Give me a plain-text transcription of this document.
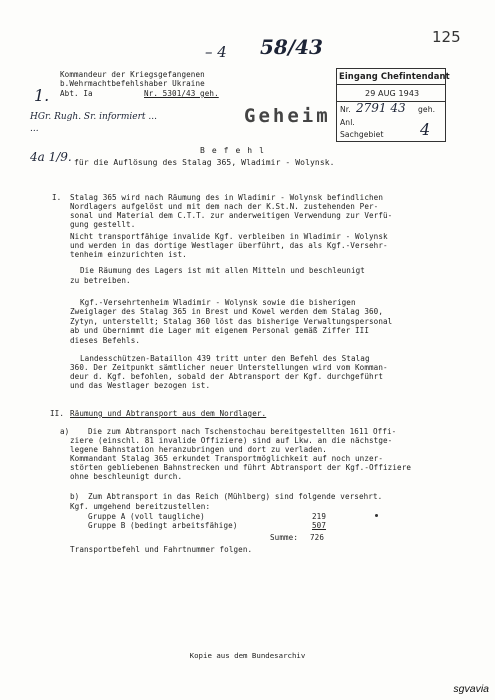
– 4 58/43	125
Kommandeur der Kriegsgefangenen
b.Wehrmachtbefehlshaber Ukraine
Abt. Ia	Nr. 5301/43 geh.
1.
Geheim
Eingang Chefintendant
29 AUG 1943
Nr. 2791 43 geh.
Anl.
Sachgebiet 4
HGr. Rugh. Sr. informiert ...
...
4a 1/9.	Befehl
für die Auflösung des Stalag 365, Wladimir - Wolynsk.
I. Stalag 365 wird nach Räumung des in Wladimir - Wolynsk befindlichen
Nordlagers aufgelöst und mit dem nach der K.St.N. zustehenden Per-
sonal und Material dem C.T.T. zur anderweitigen Verwendung zur Verfü-
gung gestellt.
Nicht transportfähige invalide Kgf. verbleiben in Wladimir - Wolynsk
und werden in das dortige Westlager überführt, das als Kgf.-Versehr-
tenheim einzurichten ist.
Die Räumung des Lagers ist mit allen Mitteln und beschleunigt
zu betreiben.
Kgf.-Versehrtenheim Wladimir - Wolynsk sowie die bisherigen
Zweiglager des Stalag 365 in Brest und Kowel werden dem Stalag 360,
Zytyn, unterstellt; Stalag 360 löst das bisherige Verwaltungspersonal
ab und übernimmt die Lager mit eigenem Personal gemäß Ziffer III
dieses Befehls.
Landesschützen-Bataillon 439 tritt unter den Befehl des Stalag
360. Der Zeitpunkt sämtlicher neuer Unterstellungen wird vom Komman-
deur d. Kgf. befohlen, sobald der Abtransport der Kgf. durchgeführt
und das Westlager bezogen ist.
II. Räumung und Abtransport aus dem Nordlager.
a) Die zum Abtransport nach Tschenstochau bereitgestellten 1611 Offi-
ziere (einschl. 81 invalide Offiziere) sind auf Lkw. an die nächstge-
legene Bahnstation heranzubringen und dort zu verladen.
Kommandant Stalag 365 erkundet Transportmöglichkeit auf noch unzer-
störten gebliebenen Bahnstrecken und führt Abtransport der Kgf.-Offiziere
ohne beschleunigt durch.
b) Zum Abtransport in das Reich (Mühlberg) sind folgende versehrt.
Kgf. umgehend bereitzustellen:
Gruppe A (voll taugliche)	219
Gruppe B (bedingt arbeitsfähige)	507
Summe: 726
Transportbefehl und Fahrtnummer folgen.
Kopie aus dem Bundesarchiv
sgvavia
